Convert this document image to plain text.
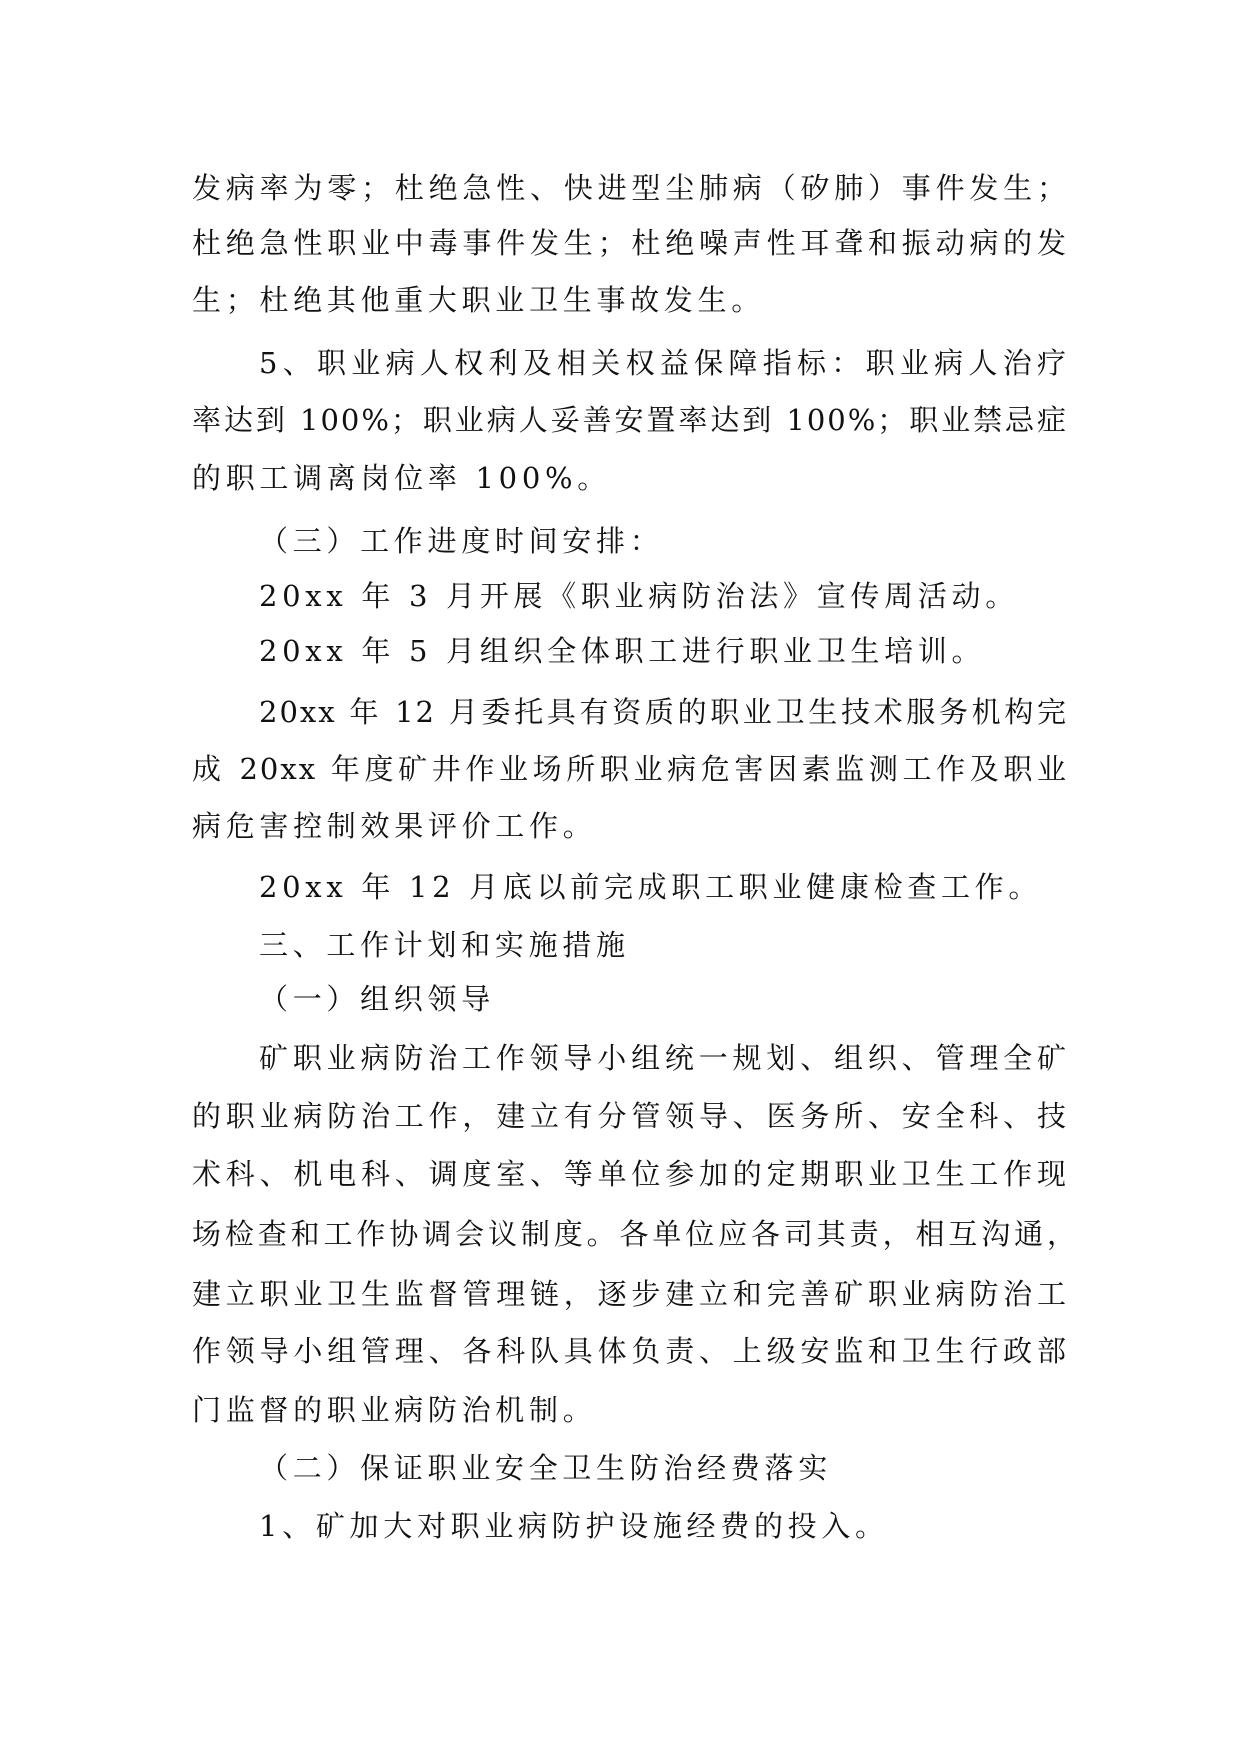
发病率为零；杜绝急性、快进型尘肺病（矽肺）事件发生；

杜绝急性职业中毒事件发生；杜绝噪声性耳聋和振动病的发

生；杜绝其他重大职业卫生事故发生。

5、职业病人权利及相关权益保障指标：职业病人治疗

率达到 100%；职业病人妥善安置率达到 100%；职业禁忌症

的职工调离岗位率 100%。

（三）工作进度时间安排：

20xx 年 3 月开展《职业病防治法》宣传周活动。

20xx 年 5 月组织全体职工进行职业卫生培训。

20xx 年 12 月委托具有资质的职业卫生技术服务机构完

成 20xx 年度矿井作业场所职业病危害因素监测工作及职业

病危害控制效果评价工作。

20xx 年 12 月底以前完成职工职业健康检查工作。

三、工作计划和实施措施

（一）组织领导

矿职业病防治工作领导小组统一规划、组织、管理全矿

的职业病防治工作，建立有分管领导、医务所、安全科、技

术科、机电科、调度室、等单位参加的定期职业卫生工作现

场检查和工作协调会议制度。各单位应各司其责，相互沟通，

建立职业卫生监督管理链，逐步建立和完善矿职业病防治工

作领导小组管理、各科队具体负责、上级安监和卫生行政部

门监督的职业病防治机制。

（二）保证职业安全卫生防治经费落实

1、矿加大对职业病防护设施经费的投入。
